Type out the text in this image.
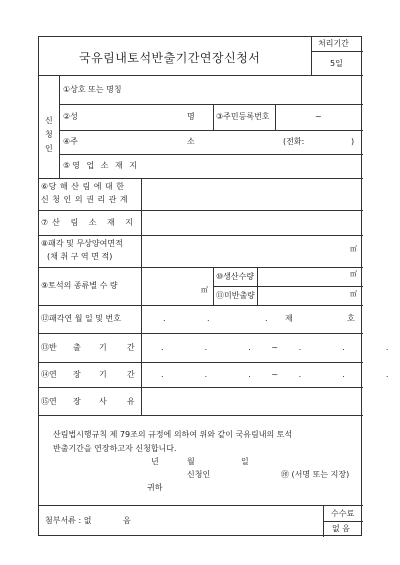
국유림내토석반출기간연장신청서
처리기간
5일
신
청
인
①상호 또는 명칭
②성	명	③주민등록번호	~
④주	소	(전화:	)
⑤영 업 소 재 지
⑥당 해 산 림 에 대 한
신 청 인 의 권 리 관 계
⑦산 림 소 재 지
⑧패각 및 무상양여면적
(채 취 구 역 면 적)
㎡
⑨토석의 종류별 수 량	㎡
⑩생산수량	㎡
⑪미반출량	㎡
⑫패각연 월 일 및 번호	.	.	. 제	호
⑬반 출 기	간	.  .  . ~ .  .  .
⑭연 장 기	간	.  .  . ~ .  .  .
⑮연 장 사	유
산림법시행규칙 제 79조의 규정에 의하여 위와 같이 국유림내의 토석
반출기간을 연장하고자 신청합니다.
년	월	일
신청인	㊞ (서명 또는 지장)
귀하
첨부서류 : 없	음
수수료
없 음
